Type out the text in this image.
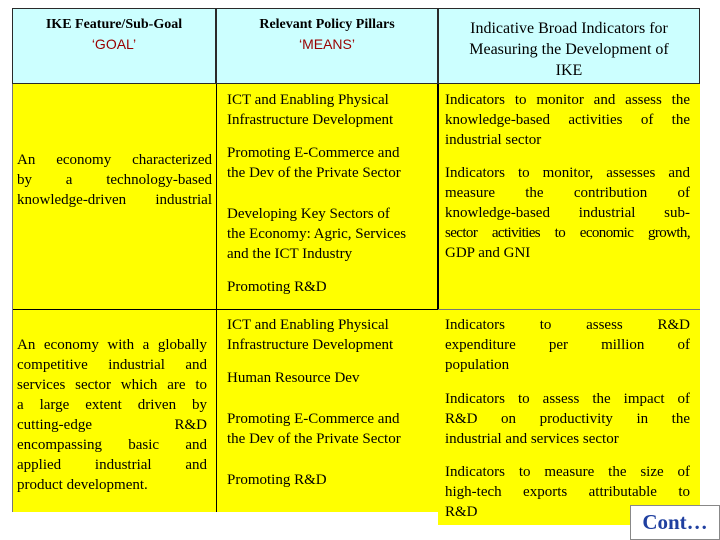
IKE Feature/Sub-Goal
‘GOAL’
Relevant Policy Pillars
‘MEANS’
Indicative Broad Indicators for
Measuring the Development of
IKE
An economy characterized
by a technology-based
knowledge-driven industrial
ICT and Enabling Physical
Infrastructure Development
Promoting E-Commerce and
the Dev of the Private Sector
Developing Key Sectors of
the Economy: Agric, Services
and the ICT Industry
Promoting R&D
Indicators to monitor and assess the
knowledge-based activities of the
industrial sector
Indicators to monitor, assesses and
measure the contribution of
knowledge-based industrial sub-
sector activities to economic growth,
GDP and GNI
An economy with a globally
competitive industrial and
services sector which are to
a large extent driven by
cutting-edge R&D
encompassing basic and
applied industrial and
product development.
ICT and Enabling Physical
Infrastructure Development
Human Resource Dev
Promoting E-Commerce and
the Dev of the Private Sector
Promoting R&D
Indicators to assess R&D
expenditure per million of
population
Indicators to assess the impact of
R&D on productivity in the
industrial and services sector
Indicators to measure the size of
high-tech exports attributable to
R&D	Cont…
